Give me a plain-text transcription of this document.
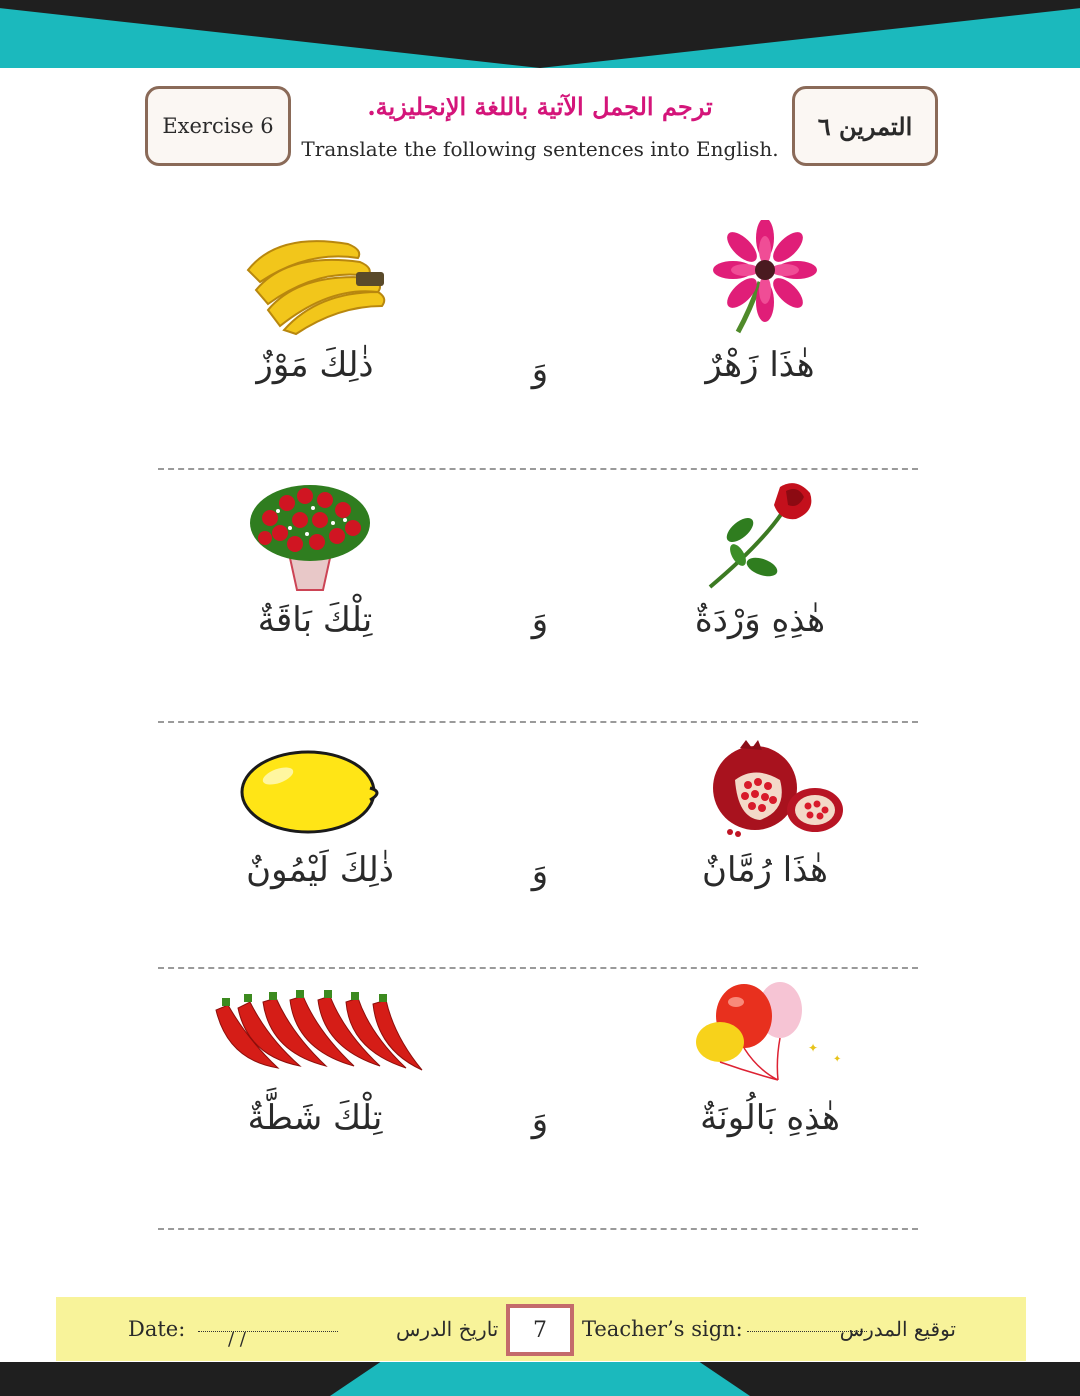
Exercise 6	التمرين ٦
ترجم الجمل الآتية باللغة الإنجليزية.
Translate the following sentences into English.
هٰذَا زَهْرٌ
وَ
ذٰلِكَ مَوْزٌ
هٰذِهِ وَرْدَةٌ
وَ
تِلْكَ بَاقَةٌ
هٰذَا رُمَّانٌ
وَ
ذٰلِكَ لَيْمُونٌ
✦
✦
هٰذِهِ بَالُونَةٌ
وَ
تِلْكَ شَطَّةٌ
Date: / /	تاريخ الدرس	Teacher’s sign:	توقيع المدرس
7
